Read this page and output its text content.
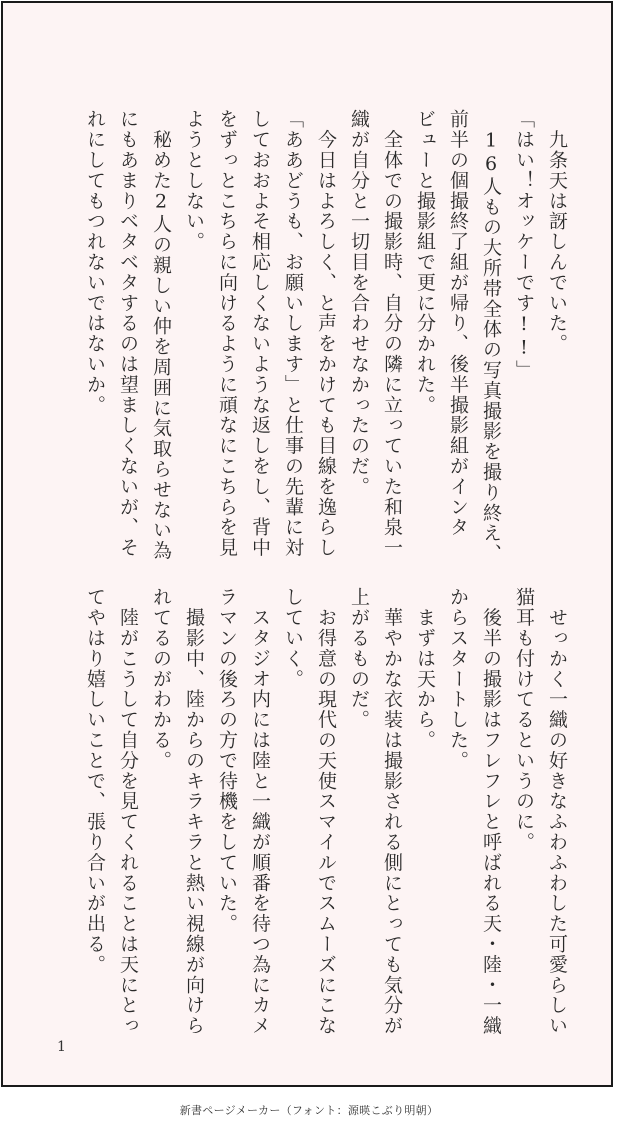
　九条天は訝しんでいた。
「はい！オッケーです!!」
　16人もの大所帯全体の写真撮影を撮り終え、
前半の個撮終了組が帰り、後半撮影組がインタ
ビューと撮影組で更に分かれた。
　全体での撮影時、自分の隣に立っていた和泉一
織が自分と一切目を合わせなかったのだ。
　今日はよろしく、と声をかけても目線を逸らし
「ああどうも、お願いします」と仕事の先輩に対
しておおよそ相応しくないような返しをし、背中
をずっとこちらに向けるように頑なにこちらを見
ようとしない。
　秘めた2人の親しい仲を周囲に気取らせない為
にもあまりベタベタするのは望ましくないが、そ
れにしてもつれないではないか。
　せっかく一織の好きなふわふわした可愛らしい
猫耳も付けてるというのに。
　後半の撮影はフレフレと呼ばれる天・陸・一織
からスタートした。
　まずは天から。
　華やかな衣装は撮影される側にとっても気分が
上がるものだ。
　お得意の現代の天使スマイルでスムーズにこな
していく。
　スタジオ内には陸と一織が順番を待つ為にカメ
ラマンの後ろの方で待機をしていた。
　撮影中、陸からのキラキラと熱い視線が向けら
れてるのがわかる。
　陸がこうして自分を見てくれることは天にとっ
てやはり嬉しいことで、張り合いが出る。
1
新書ページメーカー（フォント：源暎こぶり明朝）
